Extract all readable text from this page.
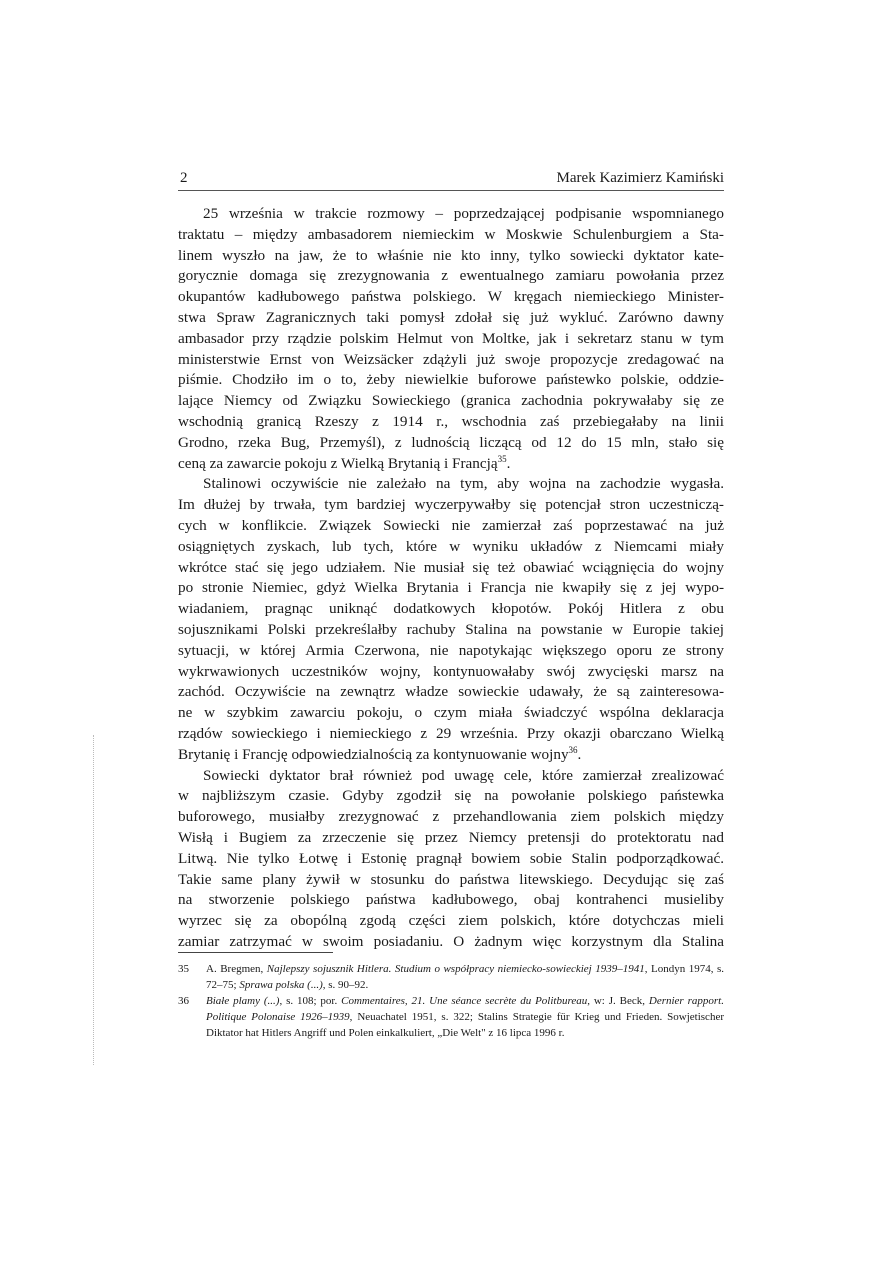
2	Marek Kazimierz Kamiński
25 września w trakcie rozmowy – poprzedzającej podpisanie wspomnianego
traktatu – między ambasadorem niemieckim w Moskwie Schulenburgiem a Sta-
linem wyszło na jaw, że to właśnie nie kto inny, tylko sowiecki dyktator kate-
gorycznie domaga się zrezygnowania z ewentualnego zamiaru powołania przez
okupantów kadłubowego państwa polskiego. W kręgach niemieckiego Minister-
stwa Spraw Zagranicznych taki pomysł zdołał się już wykluć. Zarówno dawny
ambasador przy rządzie polskim Helmut von Moltke, jak i sekretarz stanu w tym
ministerstwie Ernst von Weizsäcker zdążyli już swoje propozycje zredagować na
piśmie. Chodziło im o to, żeby niewielkie buforowe państewko polskie, oddzie-
lające Niemcy od Związku Sowieckiego (granica zachodnia pokrywałaby się ze
wschodnią granicą Rzeszy z 1914 r., wschodnia zaś przebiegałaby na linii
Grodno, rzeka Bug, Przemyśl), z ludnością liczącą od 12 do 15 mln, stało się
ceną za zawarcie pokoju z Wielką Brytanią i Francją$^{35}$.
Stalinowi oczywiście nie zależało na tym, aby wojna na zachodzie wygasła.
Im dłużej by trwała, tym bardziej wyczerpywałby się potencjał stron uczestniczą-
cych w konflikcie. Związek Sowiecki nie zamierzał zaś poprzestawać na już
osiągniętych zyskach, lub tych, które w wyniku układów z Niemcami miały
wkrótce stać się jego udziałem. Nie musiał się też obawiać wciągnięcia do wojny
po stronie Niemiec, gdyż Wielka Brytania i Francja nie kwapiły się z jej wypo-
wiadaniem, pragnąc uniknąć dodatkowych kłopotów. Pokój Hitlera z obu
sojusznikami Polski przekreślałby rachuby Stalina na powstanie w Europie takiej
sytuacji, w której Armia Czerwona, nie napotykając większego oporu ze strony
wykrwawionych uczestników wojny, kontynuowałaby swój zwycięski marsz na
zachód. Oczywiście na zewnątrz władze sowieckie udawały, że są zainteresowa-
ne w szybkim zawarciu pokoju, o czym miała świadczyć wspólna deklaracja
rządów sowieckiego i niemieckiego z 29 września. Przy okazji obarczano Wielką
Brytanię i Francję odpowiedzialnością za kontynuowanie wojny$^{36}$.
Sowiecki dyktator brał również pod uwagę cele, które zamierzał zrealizować
w najbliższym czasie. Gdyby zgodził się na powołanie polskiego państewka
buforowego, musiałby zrezygnować z przehandlowania ziem polskich między
Wisłą i Bugiem za zrzeczenie się przez Niemcy pretensji do protektoratu nad
Litwą. Nie tylko Łotwę i Estonię pragnął bowiem sobie Stalin podporządkować.
Takie same plany żywił w stosunku do państwa litewskiego. Decydując się zaś
na stworzenie polskiego państwa kadłubowego, obaj kontrahenci musieliby
wyrzec się za obopólną zgodą części ziem polskich, które dotychczas mieli
zamiar zatrzymać w swoim posiadaniu. O żadnym więc korzystnym dla Stalina
35 A. Bregmen, Najlepszy sojusznik Hitlera. Studium o współpracy niemiecko-sowieckiej 1939–1941, Londyn 1974, s. 72–75; Sprawa polska (...), s. 90–92.
36 Białe plamy (...), s. 108; por. Commentaires, 21. Une séance secrète du Politbureau, w: J. Beck, Dernier rapport. Politique Polonaise 1926–1939, Neuachatel 1951, s. 322; Stalins Strategie für Krieg und Frieden. Sowjetischer Diktator hat Hitlers Angriff und Polen einkalkuliert, „Die Welt" z 16 lipca 1996 r.
